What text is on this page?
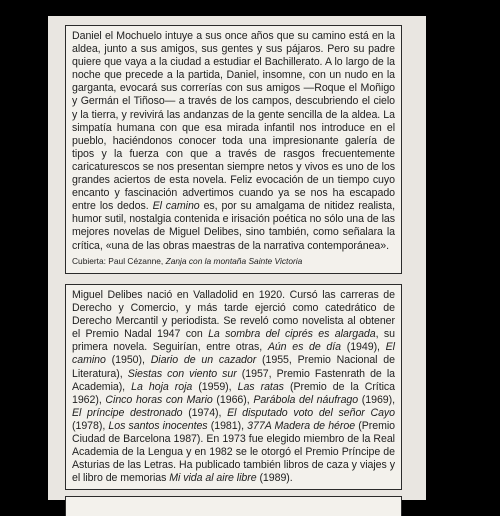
Daniel el Mochuelo intuye a sus once años que su camino está en la aldea, junto a sus amigos, sus gentes y sus pájaros. Pero su padre quiere que vaya a la ciudad a estudiar el Bachillerato. A lo largo de la noche que precede a la partida, Daniel, insomne, con un nudo en la garganta, evocará sus correrías con sus amigos —Roque el Moñigo y Germán el Tiñoso— a través de los campos, descubriendo el cielo y la tierra, y revivirá las andanzas de la gente sencilla de la aldea. La simpatía humana con que esa mirada infantil nos introduce en el pueblo, haciéndonos conocer toda una impresionante galería de tipos y la fuerza con que a través de rasgos frecuentemente caricaturescos se nos presentan siempre netos y vivos es uno de los grandes aciertos de esta novela. Feliz evocación de un tiempo cuyo encanto y fascinación advertimos cuando ya se nos ha escapado entre los dedos. El camino es, por su amalgama de nitidez realista, humor sutil, nostalgia contenida e irisación poética no sólo una de las mejores novelas de Miguel Delibes, sino también, como señalara la crítica, «una de las obras maestras de la narrativa contemporánea».

Cubierta: Paul Cézanne, Zanja con la montaña Sainte Victoria

Miguel Delibes nació en Valladolid en 1920. Cursó las carreras de Derecho y Comercio, y más tarde ejerció como catedrático de Derecho Mercantil y periodista. Se reveló como novelista al obtener el Premio Nadal 1947 con La sombra del ciprés es alargada, su primera novela. Seguirían, entre otras, Aún es de día (1949), El camino (1950), Diario de un cazador (1955, Premio Nacional de Literatura), Siestas con viento sur (1957, Premio Fastenrath de la Academia), La hoja roja (1959), Las ratas (Premio de la Crítica 1962), Cinco horas con Mario (1966), Parábola del náufrago (1969), El príncipe destronado (1974), El disputado voto del señor Cayo (1978), Los santos inocentes (1981), 377A Madera de héroe (Premio Ciudad de Barcelona 1987). En 1973 fue elegido miembro de la Real Academia de la Lengua y en 1982 se le otorgó el Premio Príncipe de Asturias de las Letras. Ha publicado también libros de caza y viajes y el libro de memorias Mi vida al aire libre (1989).
